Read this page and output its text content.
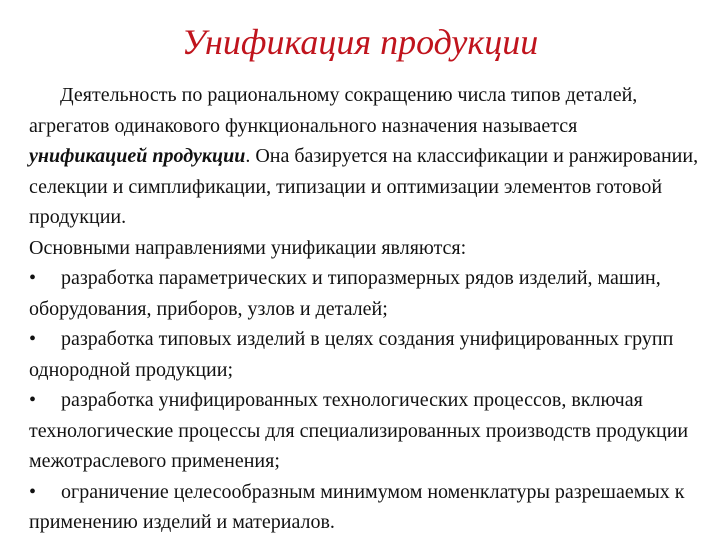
Унификация продукции

Деятельность по рациональному сокращению числа типов деталей, агрегатов одинакового функционального назначения называется унификацией продукции. Она базируется на классификации и ранжировании, селекции и симплификации, типизации и оптимизации элементов готовой продукции.

Основными направлениями унификации являются:

• разработка параметрических и типоразмерных рядов изделий, машин, оборудования, приборов, узлов и деталей;

• разработка типовых изделий в целях создания унифицированных групп однородной продукции;

• разработка унифицированных технологических процессов, включая технологические процессы для специализированных производств продукции межотраслевого применения;

• ограничение целесообразным минимумом номенклатуры разрешаемых к применению изделий и материалов.
